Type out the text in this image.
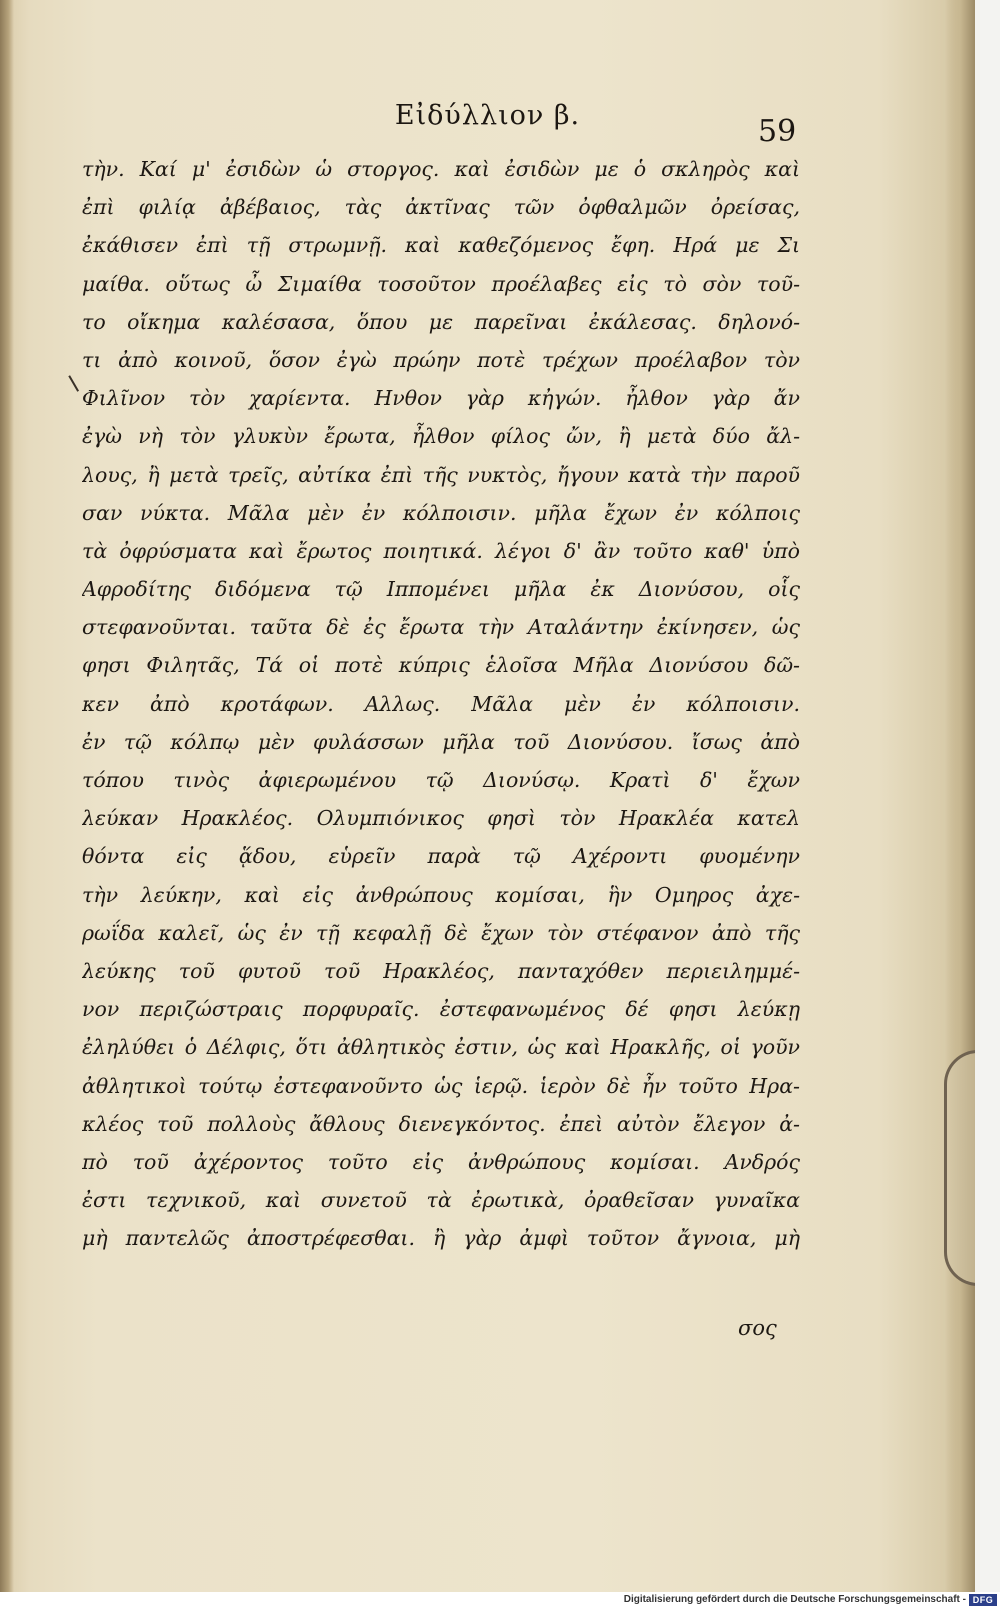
Εἰδύλλιον β.	59
τὴν. Καί μ' ἐσιδὼν ὡ στοργος. καὶ ἐσιδὼν με ὁ σκληρὸς καὶ
ἐπὶ φιλίᾳ ἀβέβαιος, τὰς ἀκτῖνας τῶν ὀφθαλμῶν ὀρείσας,
ἐκάθισεν ἐπὶ τῇ στρωμνῇ. καὶ καθεζόμενος ἔφη. Ηρά με Σι
μαίθα. οὕτως ὦ Σιμαίθα τοσοῦτον προέλαβες εἰς τὸ σὸν τοῦ-
το οἴκημα καλέσασα, ὅπου με παρεῖναι ἐκάλεσας. δηλονό-
τι ἀπὸ κοινοῦ, ὅσον ἐγὼ πρώην ποτὲ τρέχων προέλαβον τὸν
Φιλῖνον τὸν χαρίεντα. Ηνθον γὰρ κἠγών. ἦλθον γὰρ ἄν
ἐγὼ νὴ τὸν γλυκὺν ἔρωτα, ἦλθον φίλος ὤν, ἢ μετὰ δύο ἄλ-
λους, ἢ μετὰ τρεῖς, αὐτίκα ἐπὶ τῆς νυκτὸς, ἤγουν κατὰ τὴν παροῦ
σαν νύκτα. Μᾶλα μὲν ἐν κόλποισιν. μῆλα ἔχων ἐν κόλποις
τὰ ὀφρύσματα καὶ ἔρωτος ποιητικά. λέγοι δ' ἂν τοῦτο καθ' ὑπὸ
Αφροδίτης διδόμενα τῷ Ιππομένει μῆλα ἐκ Διονύσου, οἷς
στεφανοῦνται. ταῦτα δὲ ἐς ἔρωτα τὴν Αταλάντην ἐκίνησεν, ὡς
φησι Φιλητᾶς, Τά οἱ ποτὲ κύπρις ἑλοῖσα Μῆλα Διονύσου δῶ-
κεν ἀπὸ κροτάφων. Αλλως. Μᾶλα μὲν ἐν κόλποισιν.
ἐν τῷ κόλπῳ μὲν φυλάσσων μῆλα τοῦ Διονύσου. ἴσως ἀπὸ
τόπου τινὸς ἀφιερωμένου τῷ Διονύσῳ. Κρατὶ δ' ἔχων
λεύκαν Ηρακλέος. Ολυμπιόνικος φησὶ τὸν Ηρακλέα κατελ
θόντα εἰς ᾅδου, εὑρεῖν παρὰ τῷ Αχέροντι φυομένην
τὴν λεύκην, καὶ εἰς ἀνθρώπους κομίσαι, ἣν Ομηρος ἀχε-
ρωΐδα καλεῖ, ὡς ἐν τῇ κεφαλῇ δὲ ἔχων τὸν στέφανον ἀπὸ τῆς
λεύκης τοῦ φυτοῦ τοῦ Ηρακλέος, πανταχόθεν περιειλημμέ-
νον περιζώστραις πορφυραῖς. ἐστεφανωμένος δέ φησι λεύκῃ
ἐληλύθει ὁ Δέλφις, ὅτι ἀθλητικὸς ἐστιν, ὡς καὶ Ηρακλῆς, οἱ γοῦν
ἀθλητικοὶ τούτῳ ἐστεφανοῦντο ὡς ἱερῷ. ἱερὸν δὲ ἦν τοῦτο Ηρα-
κλέος τοῦ πολλοὺς ἄθλους διενεγκόντος. ἐπεὶ αὐτὸν ἔλεγον ἀ-
πὸ τοῦ ἀχέροντος τοῦτο εἰς ἀνθρώπους κομίσαι. Ανδρός
ἐστι τεχνικοῦ, καὶ συνετοῦ τὰ ἐρωτικὰ, ὀραθεῖσαν γυναῖκα
μὴ παντελῶς ἀποστρέφεσθαι. ἢ γὰρ ἀμφὶ τοῦτον ἄγνοια, μὴ
σος
Digitalisierung gefördert durch die Deutsche Forschungsgemeinschaft - DFG
